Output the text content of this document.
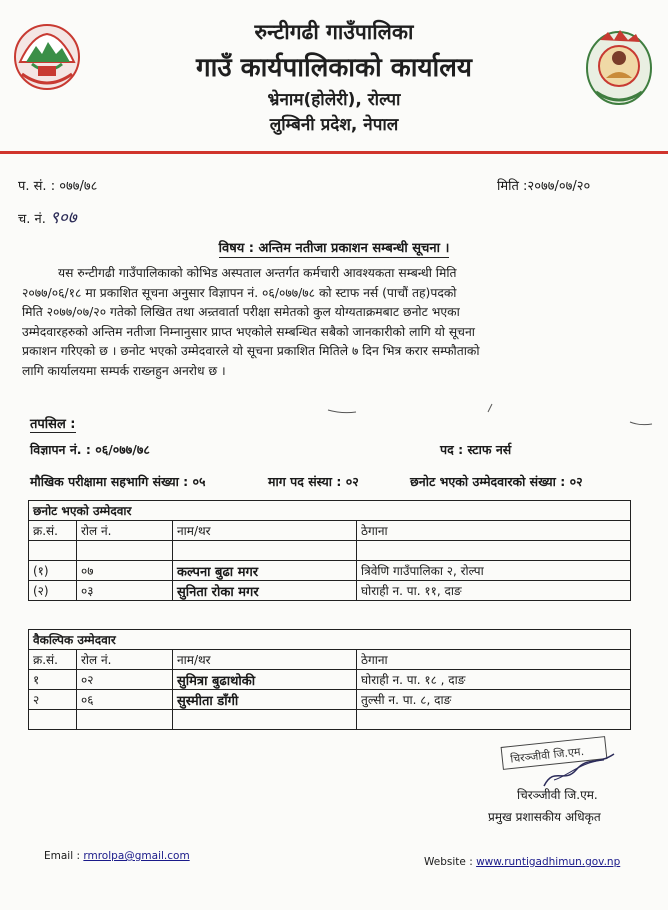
रुन्टीगढी गाउँपालिका
गाउँ कार्यपालिकाको कार्यालय
भ्रेनाम(होलेरी), रोल्पा
लुम्बिनी प्रदेश, नेपाल
प. सं. : ०७७/७८	मिति :२०७७/०७/२०
च. नं. ९०७
विषय : अन्तिम नतीजा प्रकाशन सम्बन्धी सूचना ।
यस रुन्टीगढी गाउँपालिकाको कोभिड अस्पताल अन्तर्गत कर्मचारी आवश्यकता सम्बन्धी मिति
२०७७/०६/१८ मा प्रकाशित सूचना अनुसार विज्ञापन नं. ०६/०७७/७८ को स्टाफ नर्स (पाचौं तह)पदको
मिति २०७७/०७/२० गतेको लिखित तथा अन्र्तवार्ता परीक्षा समेतको कुल योग्यताक्रमबाट छनोट भएका
उम्मेदवारहरुको अन्तिम नतीजा निम्नानुसार प्राप्त भएकोले सम्बन्धित सबैको जानकारीको लागि यो सूचना
प्रकाशन गरिएको छ । छनोट भएको उम्मेदवारले यो सूचना प्रकाशित मितिले ७ दिन भित्र करार सम्फौताको
लागि कार्यालयमा सम्पर्क राख्नहुन अनरोध छ ।
तपसिल :
विज्ञापन नं. : ०६/०७७/७८	पद : स्टाफ नर्स
मौखिक परीक्षामा सहभागि संख्या : ०५	माग पद संस्या : ०२	छनोट भएको उम्मेदवारको संख्या : ०२
छनोट भएको उम्मेदवार			
क्र.सं.	रोल नं.	नाम/थर	ठेगाना

(१)	०७	कल्पना बुढा मगर	त्रिवेणि गाउँपालिका २, रोल्पा
(२)	०३	सुनिता रोका मगर	घोराही न. पा. ११, दाङ
वैकल्पिक उम्मेदवार			
क्र.सं.	रोल नं.	नाम/थर	ठेगाना
१	०२	सुमित्रा बुढाथोकी	घोराही न. पा. १८ , दाङ
२	०६	सुस्मीता डाँगी	तुल्सी न. पा. ८, दाङ

चिरञ्जीवी जि.एम.
चिरञ्जीवी जि.एम.
प्रमुख प्रशासकीय अधिकृत
Email : rmrolpa@gmail.com	Website : www.runtigadhimun.gov.np
